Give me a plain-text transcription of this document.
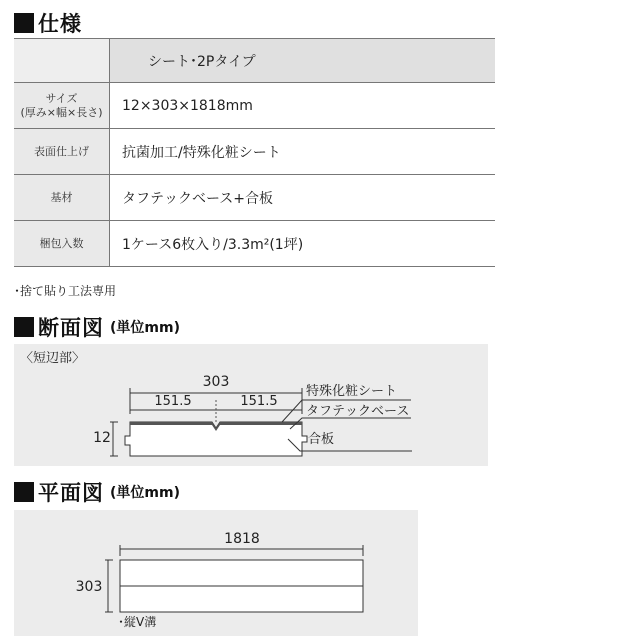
仕様
	シート･2Pタイプ

サイズ
(厚み×幅×長さ)	12×303×1818mm
表面仕上げ	抗菌加工/特殊化粧シート
基材	タフテックベース+合板
梱包入数	1ケース6枚入り/3.3m²(1坪)
･捨て貼り工法専用
断面図 (単位mm)
〈短辺部〉
303
151.5	151.5
12
特殊化粧シート
タフテックベース
合板
平面図 (単位mm)
1818
303
･縦V溝
